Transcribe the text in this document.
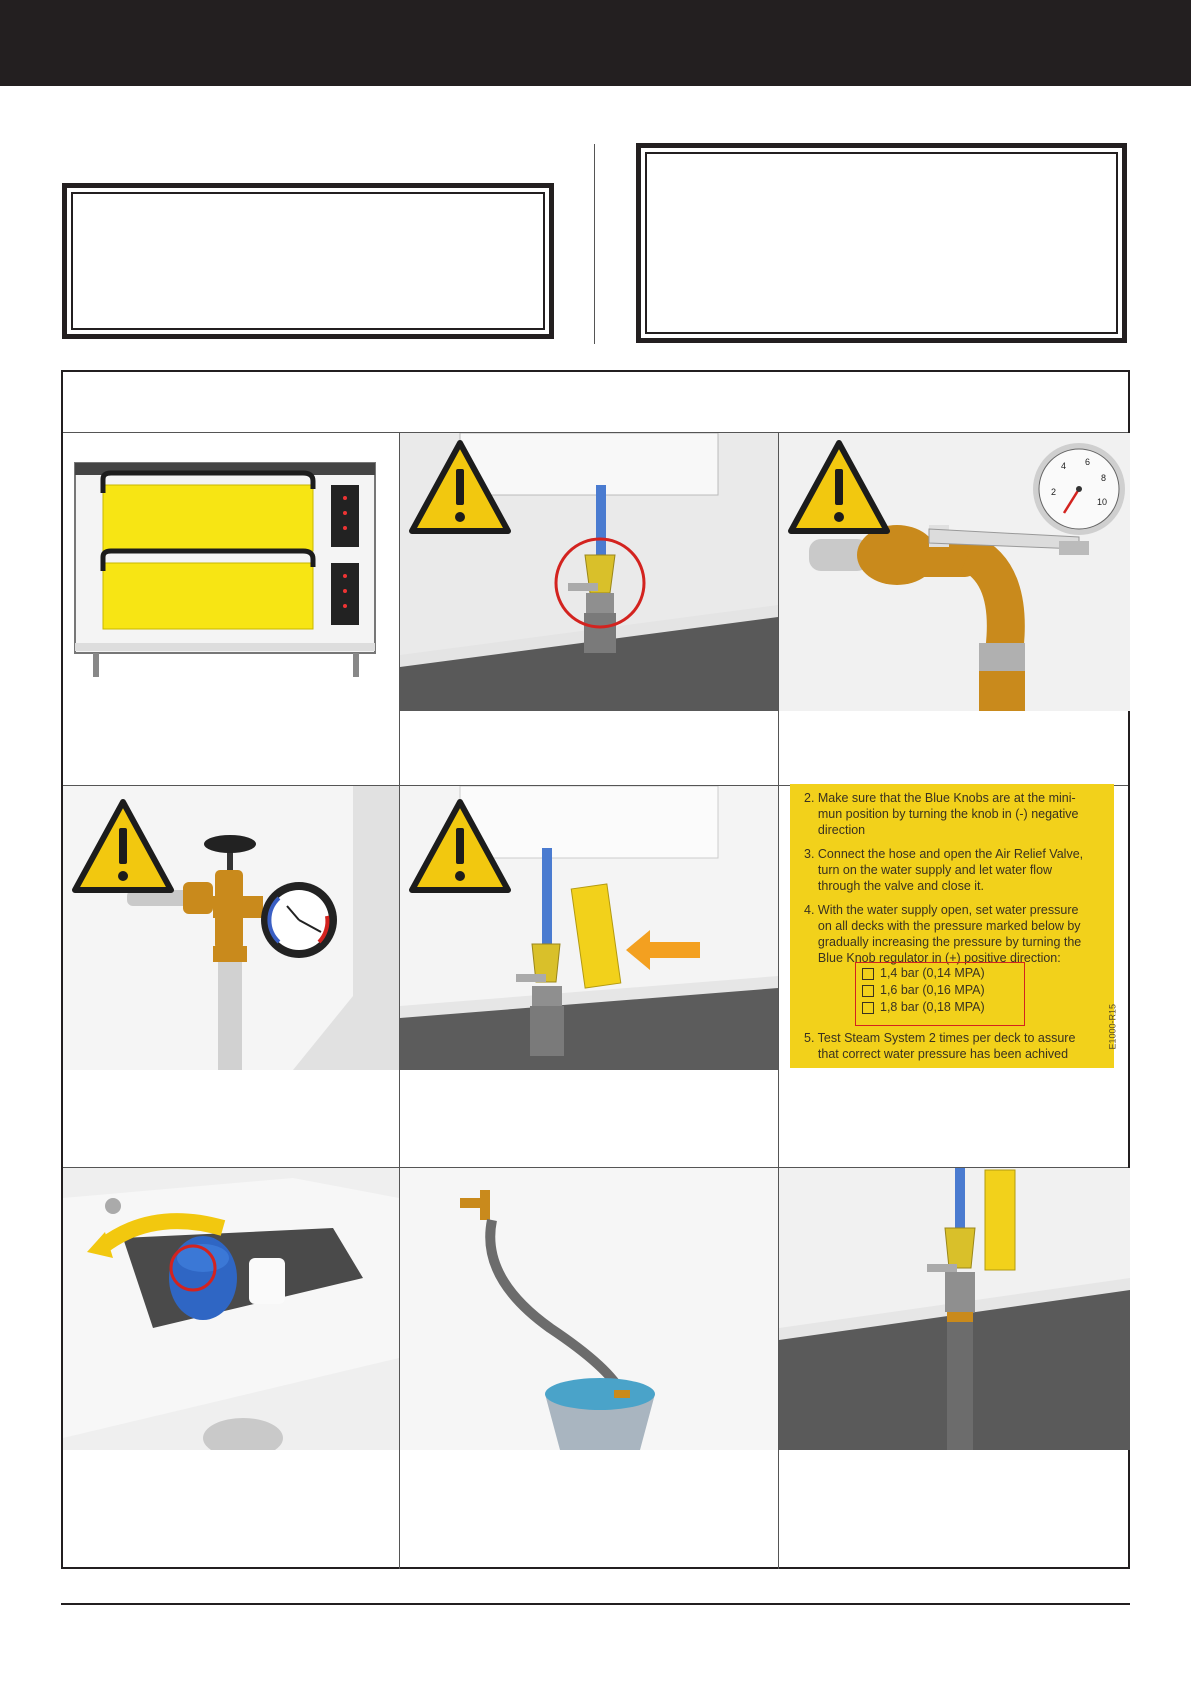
2
4 6
8
10
2. Make sure that the Blue Knobs are at the mini-
mun position by turning the knob in (-) negative
direction
3. Connect the hose and open the Air Relief Valve,
turn on the water supply and let water flow
through the valve and close it.
4. With the water supply open, set water pressure
on all decks with the pressure marked below by
gradually increasing the pressure by turning the
Blue Knob regulator in (+) positive direction:
1,4 bar (0,14 MPA)
1,6 bar (0,16 MPA)
1,8 bar (0,18 MPA)
5. Test Steam System 2 times per deck to assure
that correct water pressure has been achived
E1000-R15
